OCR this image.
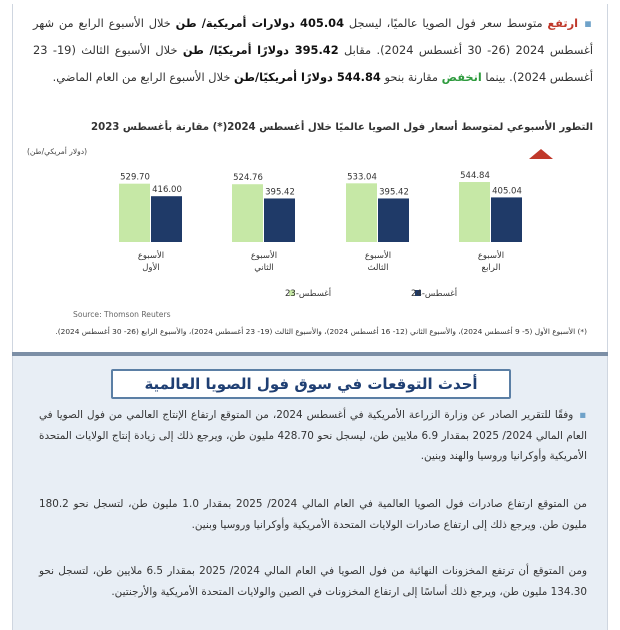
▪ارتفع متوسط سعر فول الصويا عالميًا، ليسجل 405.04 دولارات أمريكية/ طن خلال الأسبوع الرابع من شهر أغسطس 2024 (26- 30 أغسطس 2024). مقابل 395.42 دولارًا أمريكيًا/ طن خلال الأسبوع الثالث (19- 23 أغسطس 2024). بينما انخفض مقارنة بنحو 544.84 دولارًا أمريكيًا/طن خلال الأسبوع الرابع من العام الماضي.

التطور الأسبوعي لمتوسط أسعار فول الصويا عالميًا خلال أغسطس 2024(*) مقارنة بأغسطس 2023
(دولار أمريكي/طن)
529.70
416.00
الأسبوع
الأول
524.76
395.42
الأسبوع
الثاني
533.04
395.42
الأسبوع
الثالث
544.84
405.04
الأسبوع
الرابع
أغسطس-23	أغسطس-24
Source: Thomson Reuters
(*) الأسبوع الأول (5- 9 أغسطس 2024)، والأسبوع الثاني (12- 16 أغسطس 2024)، والأسبوع الثالث (19- 23 أغسطس 2024)، والأسبوع الرابع (26- 30 أغسطس 2024).
أحدث التوقعات في سوق فول الصويا العالمية

▪وفقًا للتقرير الصادر عن وزارة الزراعة الأمريكية في أغسطس 2024، من المتوقع ارتفاع الإنتاج العالمي من فول الصويا في العام المالي 2024/ 2025 بمقدار 6.9 ملايين طن، ليسجل نحو 428.70 مليون طن، ويرجع ذلك إلى زيادة إنتاج الولايات المتحدة الأمريكية وأوكرانيا وروسيا والهند وبنين.

من المتوقع ارتفاع صادرات فول الصويا العالمية في العام المالي 2024/ 2025 بمقدار 1.0 مليون طن، لتسجل نحو 180.2 مليون طن. ويرجع ذلك إلى ارتفاع صادرات الولايات المتحدة الأمريكية وأوكرانيا وروسيا وبنين.

ومن المتوقع أن ترتفع المخزونات النهائية من فول الصويا في العام المالي 2024/ 2025 بمقدار 6.5 ملايين طن، لتسجل نحو 134.30 مليون طن، ويرجع ذلك أساسًا إلى ارتفاع المخزونات في الصين والولايات المتحدة الأمريكية والأرجنتين.
